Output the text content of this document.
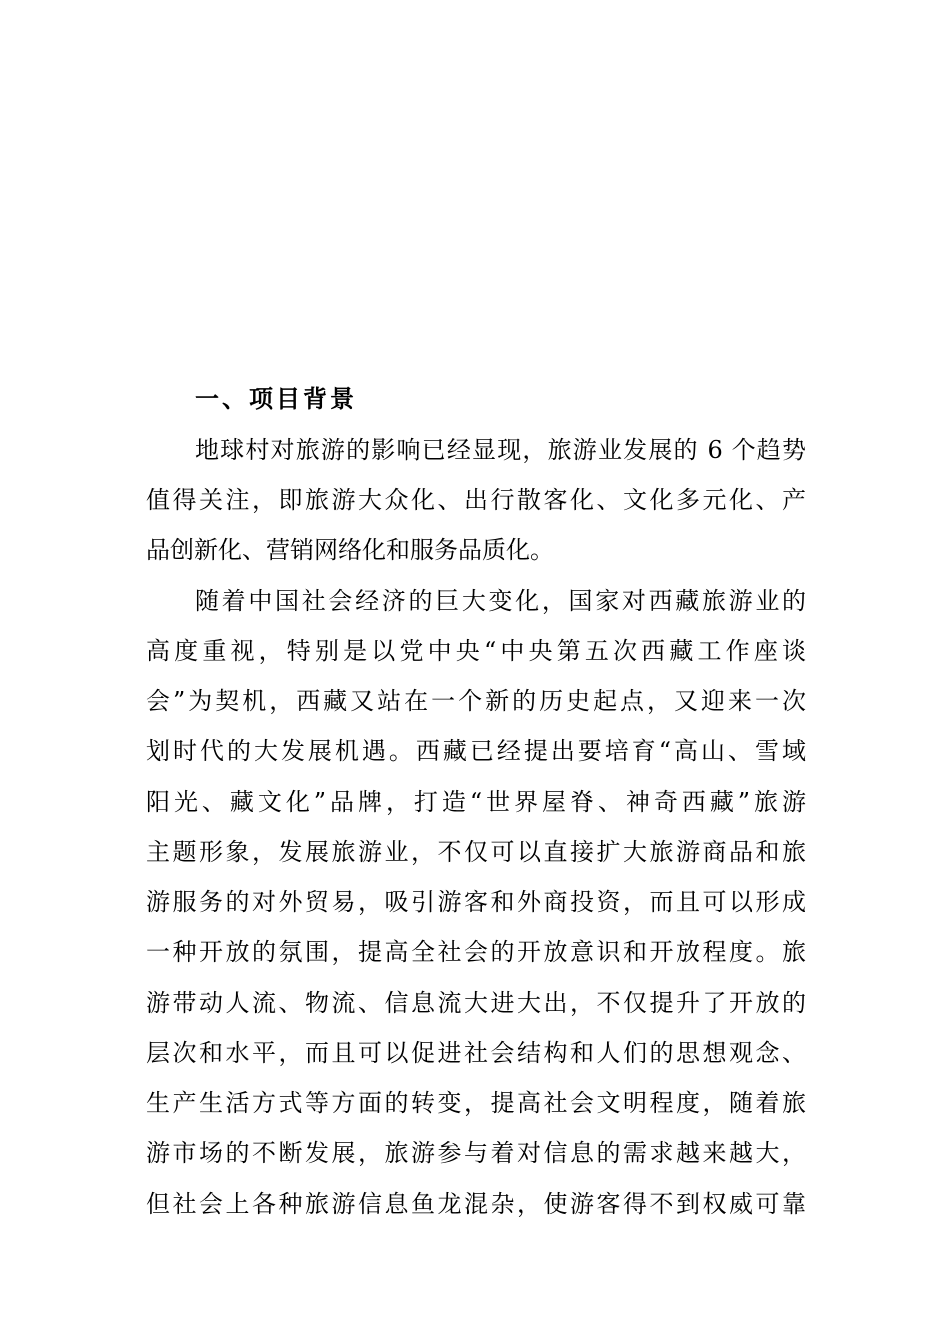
一、项目背景
地球村对旅游的影响已经显现，旅游业发展的 6 个趋势
值得关注，即旅游大众化、出行散客化、文化多元化、产
品创新化、营销网络化和服务品质化。
随着中国社会经济的巨大变化，国家对西藏旅游业的
高度重视，特别是以党中央“中央第五次西藏工作座谈
会”为契机，西藏又站在一个新的历史起点，又迎来一次
划时代的大发展机遇。西藏已经提出要培育“高山、雪域
阳光、藏文化”品牌，打造“世界屋脊、神奇西藏”旅游
主题形象，发展旅游业，不仅可以直接扩大旅游商品和旅
游服务的对外贸易，吸引游客和外商投资，而且可以形成
一种开放的氛围，提高全社会的开放意识和开放程度。旅
游带动人流、物流、信息流大进大出，不仅提升了开放的
层次和水平，而且可以促进社会结构和人们的思想观念、
生产生活方式等方面的转变，提高社会文明程度，随着旅
游市场的不断发展，旅游参与着对信息的需求越来越大，
但社会上各种旅游信息鱼龙混杂，使游客得不到权威可靠
